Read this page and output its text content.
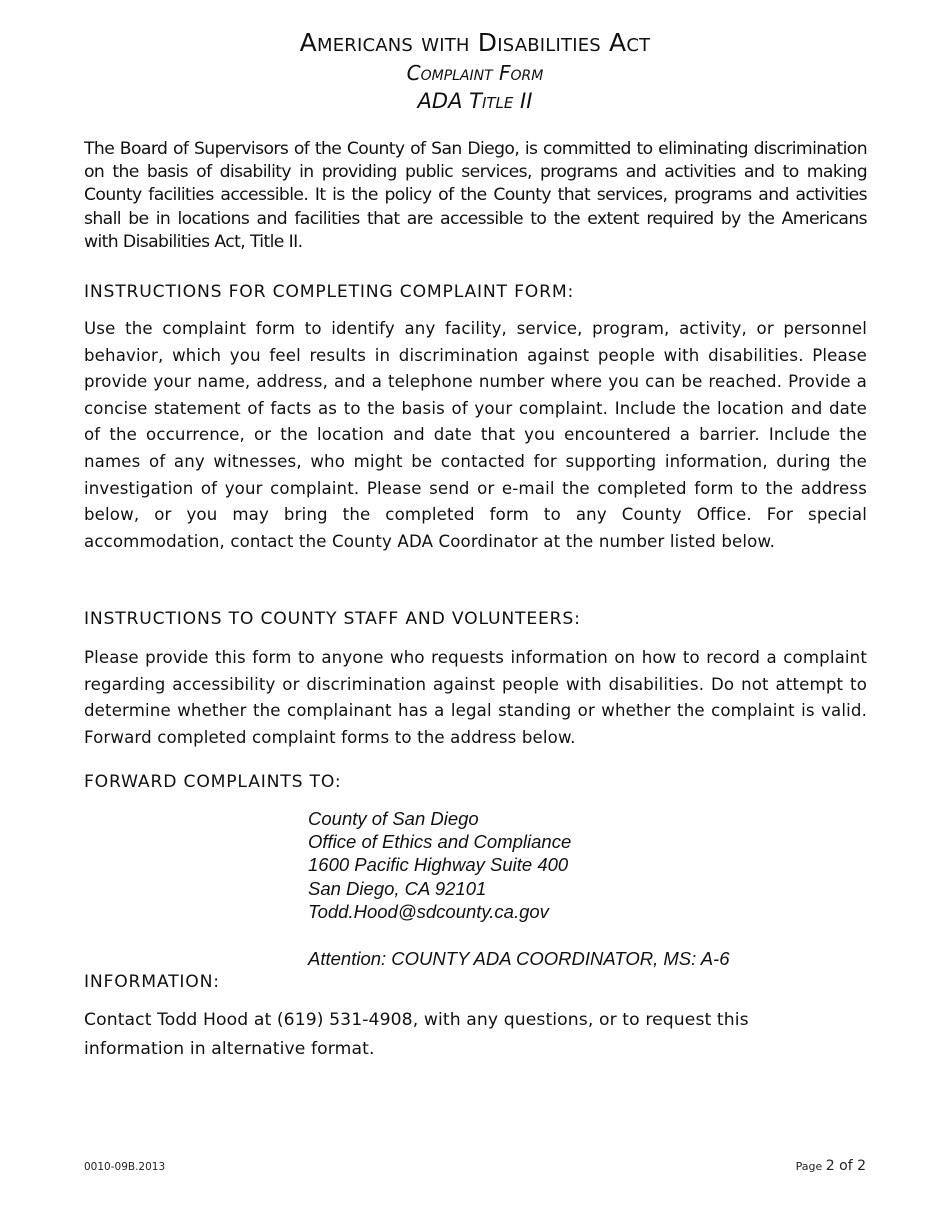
Americans with Disabilities Act
Complaint Form
ADA Title II

The Board of Supervisors of the County of San Diego, is committed to eliminating discrimination on the basis of disability in providing public services, programs and activities and to making County facilities accessible. It is the policy of the County that services, programs and activities shall be in locations and facilities that are accessible to the extent required by the Americans with Disabilities Act, Title II.

INSTRUCTIONS FOR COMPLETING COMPLAINT FORM:

Use the complaint form to identify any facility, service, program, activity, or personnel behavior, which you feel results in discrimination against people with disabilities. Please provide your name, address, and a telephone number where you can be reached. Provide a concise statement of facts as to the basis of your complaint. Include the location and date of the occurrence, or the location and date that you encountered a barrier. Include the names of any witnesses, who might be contacted for supporting information, during the investigation of your complaint. Please send or e-mail the completed form to the address below, or you may bring the completed form to any County Office. For special accommodation, contact the County ADA Coordinator at the number listed below.

INSTRUCTIONS TO COUNTY STAFF AND VOLUNTEERS:

Please provide this form to anyone who requests information on how to record a complaint regarding accessibility or discrimination against people with disabilities. Do not attempt to determine whether the complainant has a legal standing or whether the complaint is valid. Forward completed complaint forms to the address below.

FORWARD COMPLAINTS TO:
County of San Diego
Office of Ethics and Compliance
1600 Pacific Highway Suite 400
San Diego, CA 92101
Todd.Hood@sdcounty.ca.gov
Attention: COUNTY ADA COORDINATOR, MS: A-6
INFORMATION:

Contact Todd Hood at (619) 531-4908, with any questions, or to request this information in alternative format.

0010-09B.2013	Page 2 of 2
